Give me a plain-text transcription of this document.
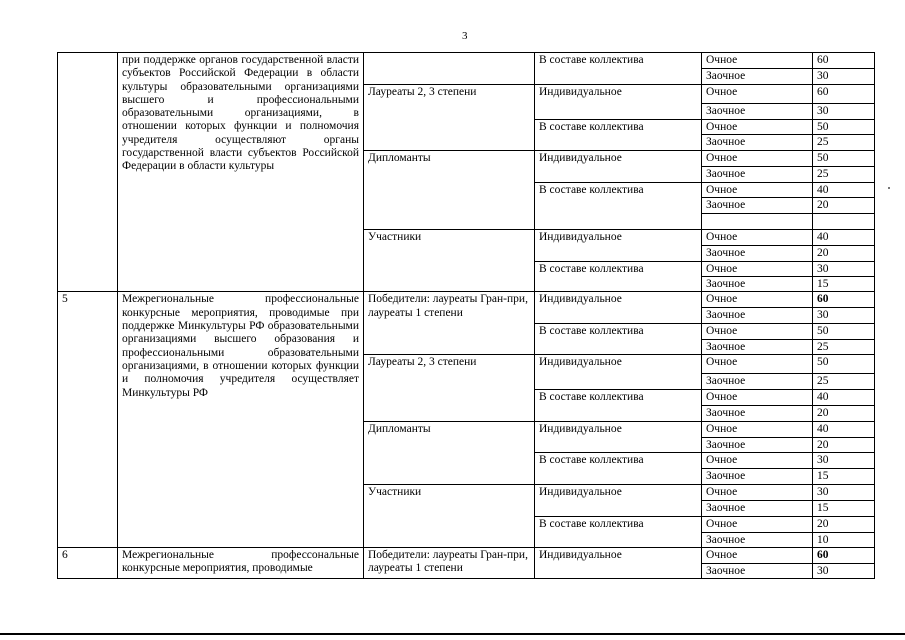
3
	при поддержке органов государственной власти субъектов Российской Федерации в области культуры образовательными организациями высшего и профессиональными образовательными организациями, в отношении которых функции и полномочия учредителя осуществляют органы государственной власти субъектов Российской Федерации в области культуры		В составе коллектива	Очное	60
				Заочное	30
		Лауреаты 2, 3 степени	Индивидуальное	Очное	60
				Заочное	30
			В составе коллектива	Очное	50
				Заочное	25
		Дипломанты	Индивидуальное	Очное	50
				Заочное	25
			В составе коллектива	Очное	40
				Заочное	20

		Участники	Индивидуальное	Очное	40
				Заочное	20
			В составе коллектива	Очное	30
				Заочное	15
5	Межрегиональные профессиональные конкурсные мероприятия, проводимые при поддержке Минкультуры РФ образовательными организациями высшего образования и профессиональными образовательными организациями, в отношении которых функции и полномочия учредителя осуществляет Минкультуры РФ	Победители: лауреаты Гран-при, лауреаты 1 степени	Индивидуальное	Очное	60
				Заочное	30
			В составе коллектива	Очное	50
				Заочное	25
		Лауреаты 2, 3 степени	Индивидуальное	Очное	50
				Заочное	25
			В составе коллектива	Очное	40
				Заочное	20
		Дипломанты	Индивидуальное	Очное	40
				Заочное	20
			В составе коллектива	Очное	30
				Заочное	15
		Участники	Индивидуальное	Очное	30
				Заочное	15
			В составе коллектива	Очное	20
				Заочное	10
6	Межрегиональные профессональные конкурсные мероприятия, проводимые	Победители: лауреаты Гран-при, лауреаты 1 степени	Индивидуальное	Очное	60
				Заочное	30
